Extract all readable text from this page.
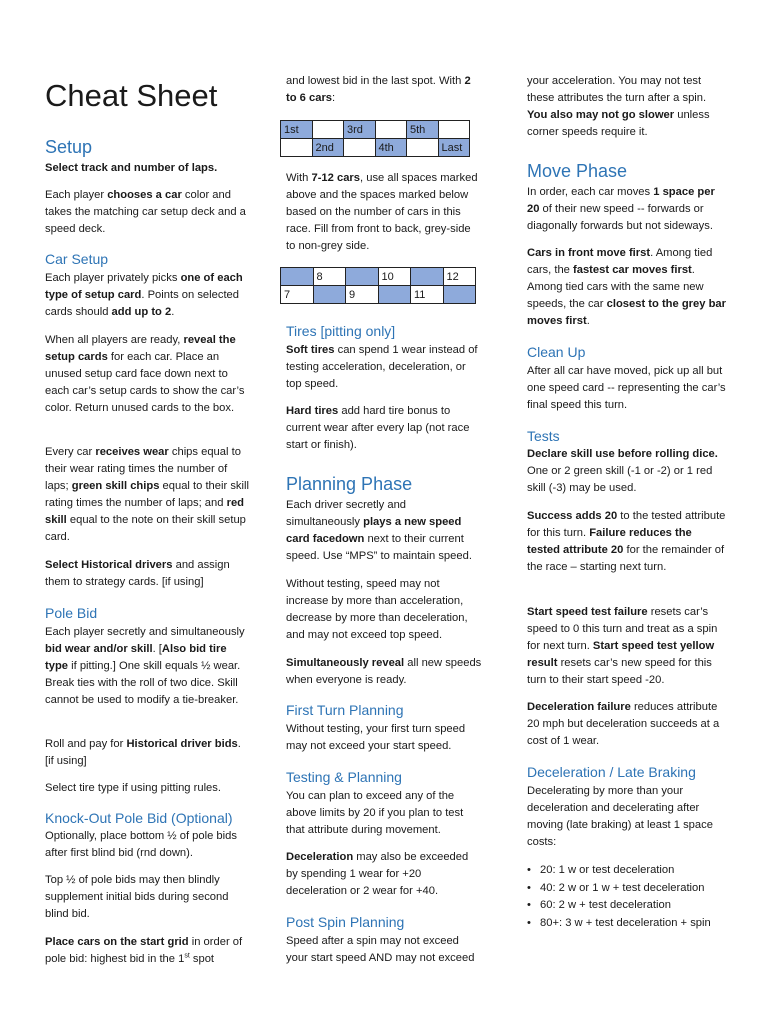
Cheat Sheet
Setup

Select track and number of laps.

Each player chooses a car color and takes the matching car setup deck and a speed deck.

Car Setup

Each player privately picks one of each type of setup card. Points on selected cards should add up to 2.

When all players are ready, reveal the setup cards for each car. Place an unused setup card face down next to each car’s setup cards to show the car’s color. Return unused cards to the box.

Every car receives wear chips equal to their wear rating times the number of laps; green skill chips equal to their skill rating times the number of laps; and red skill equal to the note on their skill setup card.

Select Historical drivers and assign them to strategy cards. [if using]

Pole Bid

Each player secretly and simultaneously bid wear and/or skill. [Also bid tire type if pitting.] One skill equals ½ wear. Break ties with the roll of two dice. Skill cannot be used to modify a tie-breaker.

Roll and pay for Historical driver bids. [if using]

Select tire type if using pitting rules.

Knock-Out Pole Bid (Optional)

Optionally, place bottom ½ of pole bids after first blind bid (rnd down).

Top ½ of pole bids may then blindly supplement initial bids during second blind bid.

Place cars on the start grid in order of pole bid: highest bid in the 1st spot

and lowest bid in the last spot. With 2 to 6 cars:

1st		3rd		5th	
	2nd		4th		Last

With 7-12 cars, use all spaces marked above and the spaces marked below based on the number of cars in this race. Fill from front to back, grey-side to non-grey side.

	8		10		12
7		9		11	
Tires [pitting only]

Soft tires can spend 1 wear instead of testing acceleration, deceleration, or top speed.

Hard tires add hard tire bonus to current wear after every lap (not race start or finish).

Planning Phase

Each driver secretly and simultaneously plays a new speed card facedown next to their current speed. Use “MPS” to maintain speed.

Without testing, speed may not increase by more than acceleration, decrease by more than deceleration, and may not exceed top speed.

Simultaneously reveal all new speeds when everyone is ready.

First Turn Planning

Without testing, your first turn speed may not exceed your start speed.

Testing & Planning

You can plan to exceed any of the above limits by 20 if you plan to test that attribute during movement.

Deceleration may also be exceeded by spending 1 wear for +20 deceleration or 2 wear for +40.

Post Spin Planning

Speed after a spin may not exceed your start speed AND may not exceed

your acceleration. You may not test these attributes the turn after a spin. You also may not go slower unless corner speeds require it.

Move Phase

In order, each car moves 1 space per 20 of their new speed -- forwards or diagonally forwards but not sideways.

Cars in front move first. Among tied cars, the fastest car moves first. Among tied cars with the same new speeds, the car closest to the grey bar moves first.

Clean Up

After all car have moved, pick up all but one speed card -- representing the car’s final speed this turn.

Tests

Declare skill use before rolling dice. One or 2 green skill (-1 or -2) or 1 red skill (-3) may be used.

Success adds 20 to the tested attribute for this turn. Failure reduces the tested attribute 20 for the remainder of the race – starting next turn.

Start speed test failure resets car’s speed to 0 this turn and treat as a spin for next turn. Start speed test yellow result resets car’s new speed for this turn to their start speed -20.

Deceleration failure reduces attribute 20 mph but deceleration succeeds at a cost of 1 wear.

Deceleration / Late Braking

Decelerating by more than your deceleration and decelerating after moving (late braking) at least 1 space costs:

• 20: 1 w or test deceleration
• 40: 2 w or 1 w + test deceleration
• 60: 2 w + test deceleration
• 80+: 3 w + test deceleration + spin
